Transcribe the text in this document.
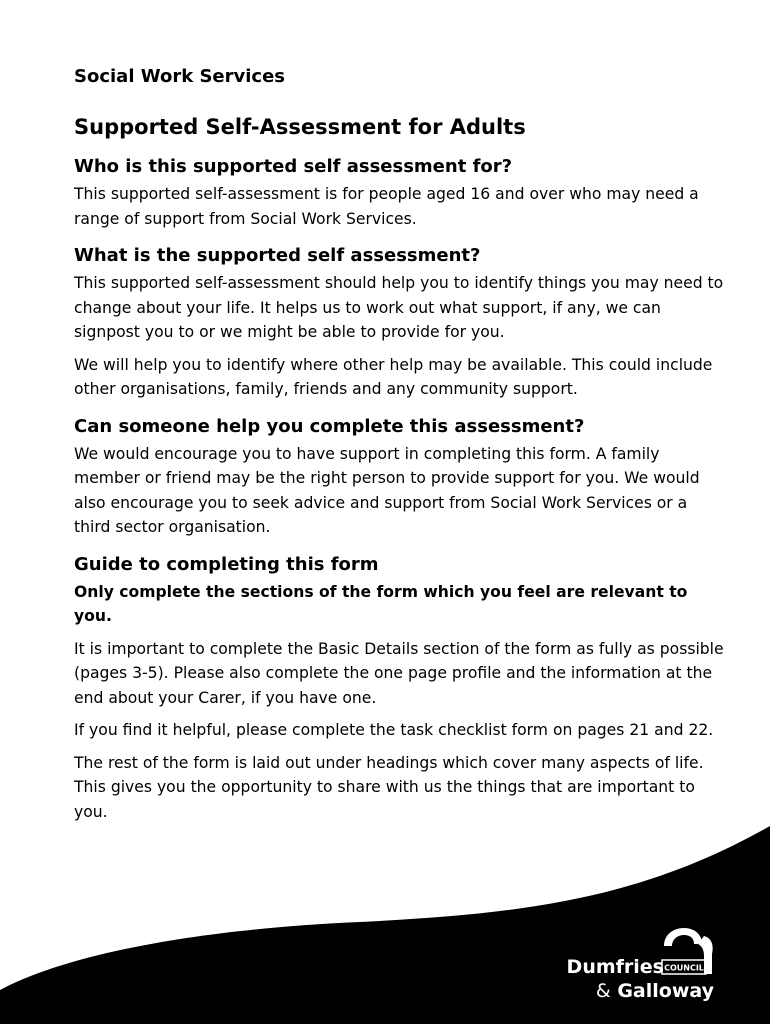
Social Work Services
Supported Self-Assessment for Adults
Who is this supported self assessment for?
This supported self-assessment is for people aged 16 and over who may need a range of support from Social Work Services.
What is the supported self assessment?
This supported self-assessment should help you to identify things you may need to change about your life. It helps us to work out what support, if any, we can signpost you to or we might be able to provide for you.
We will help you to identify where other help may be available. This could include other organisations, family, friends and any community support.
Can someone help you complete this assessment?
We would encourage you to have support in completing this form. A family member or friend may be the right person to provide support for you. We would also encourage you to seek advice and support from Social Work Services or a third sector organisation.
Guide to completing this form
Only complete the sections of the form which you feel are relevant to you.
It is important to complete the Basic Details section of the form as fully as possible (pages 3-5). Please also complete the one page profile and the information at the end about your Carer, if you have one.
If you find it helpful, please complete the task checklist form on pages 21 and 22.
The rest of the form is laid out under headings which cover many aspects of life. This gives you the opportunity to share with us the things that are important to you.
Dumfries
& Galloway
COUNCIL
